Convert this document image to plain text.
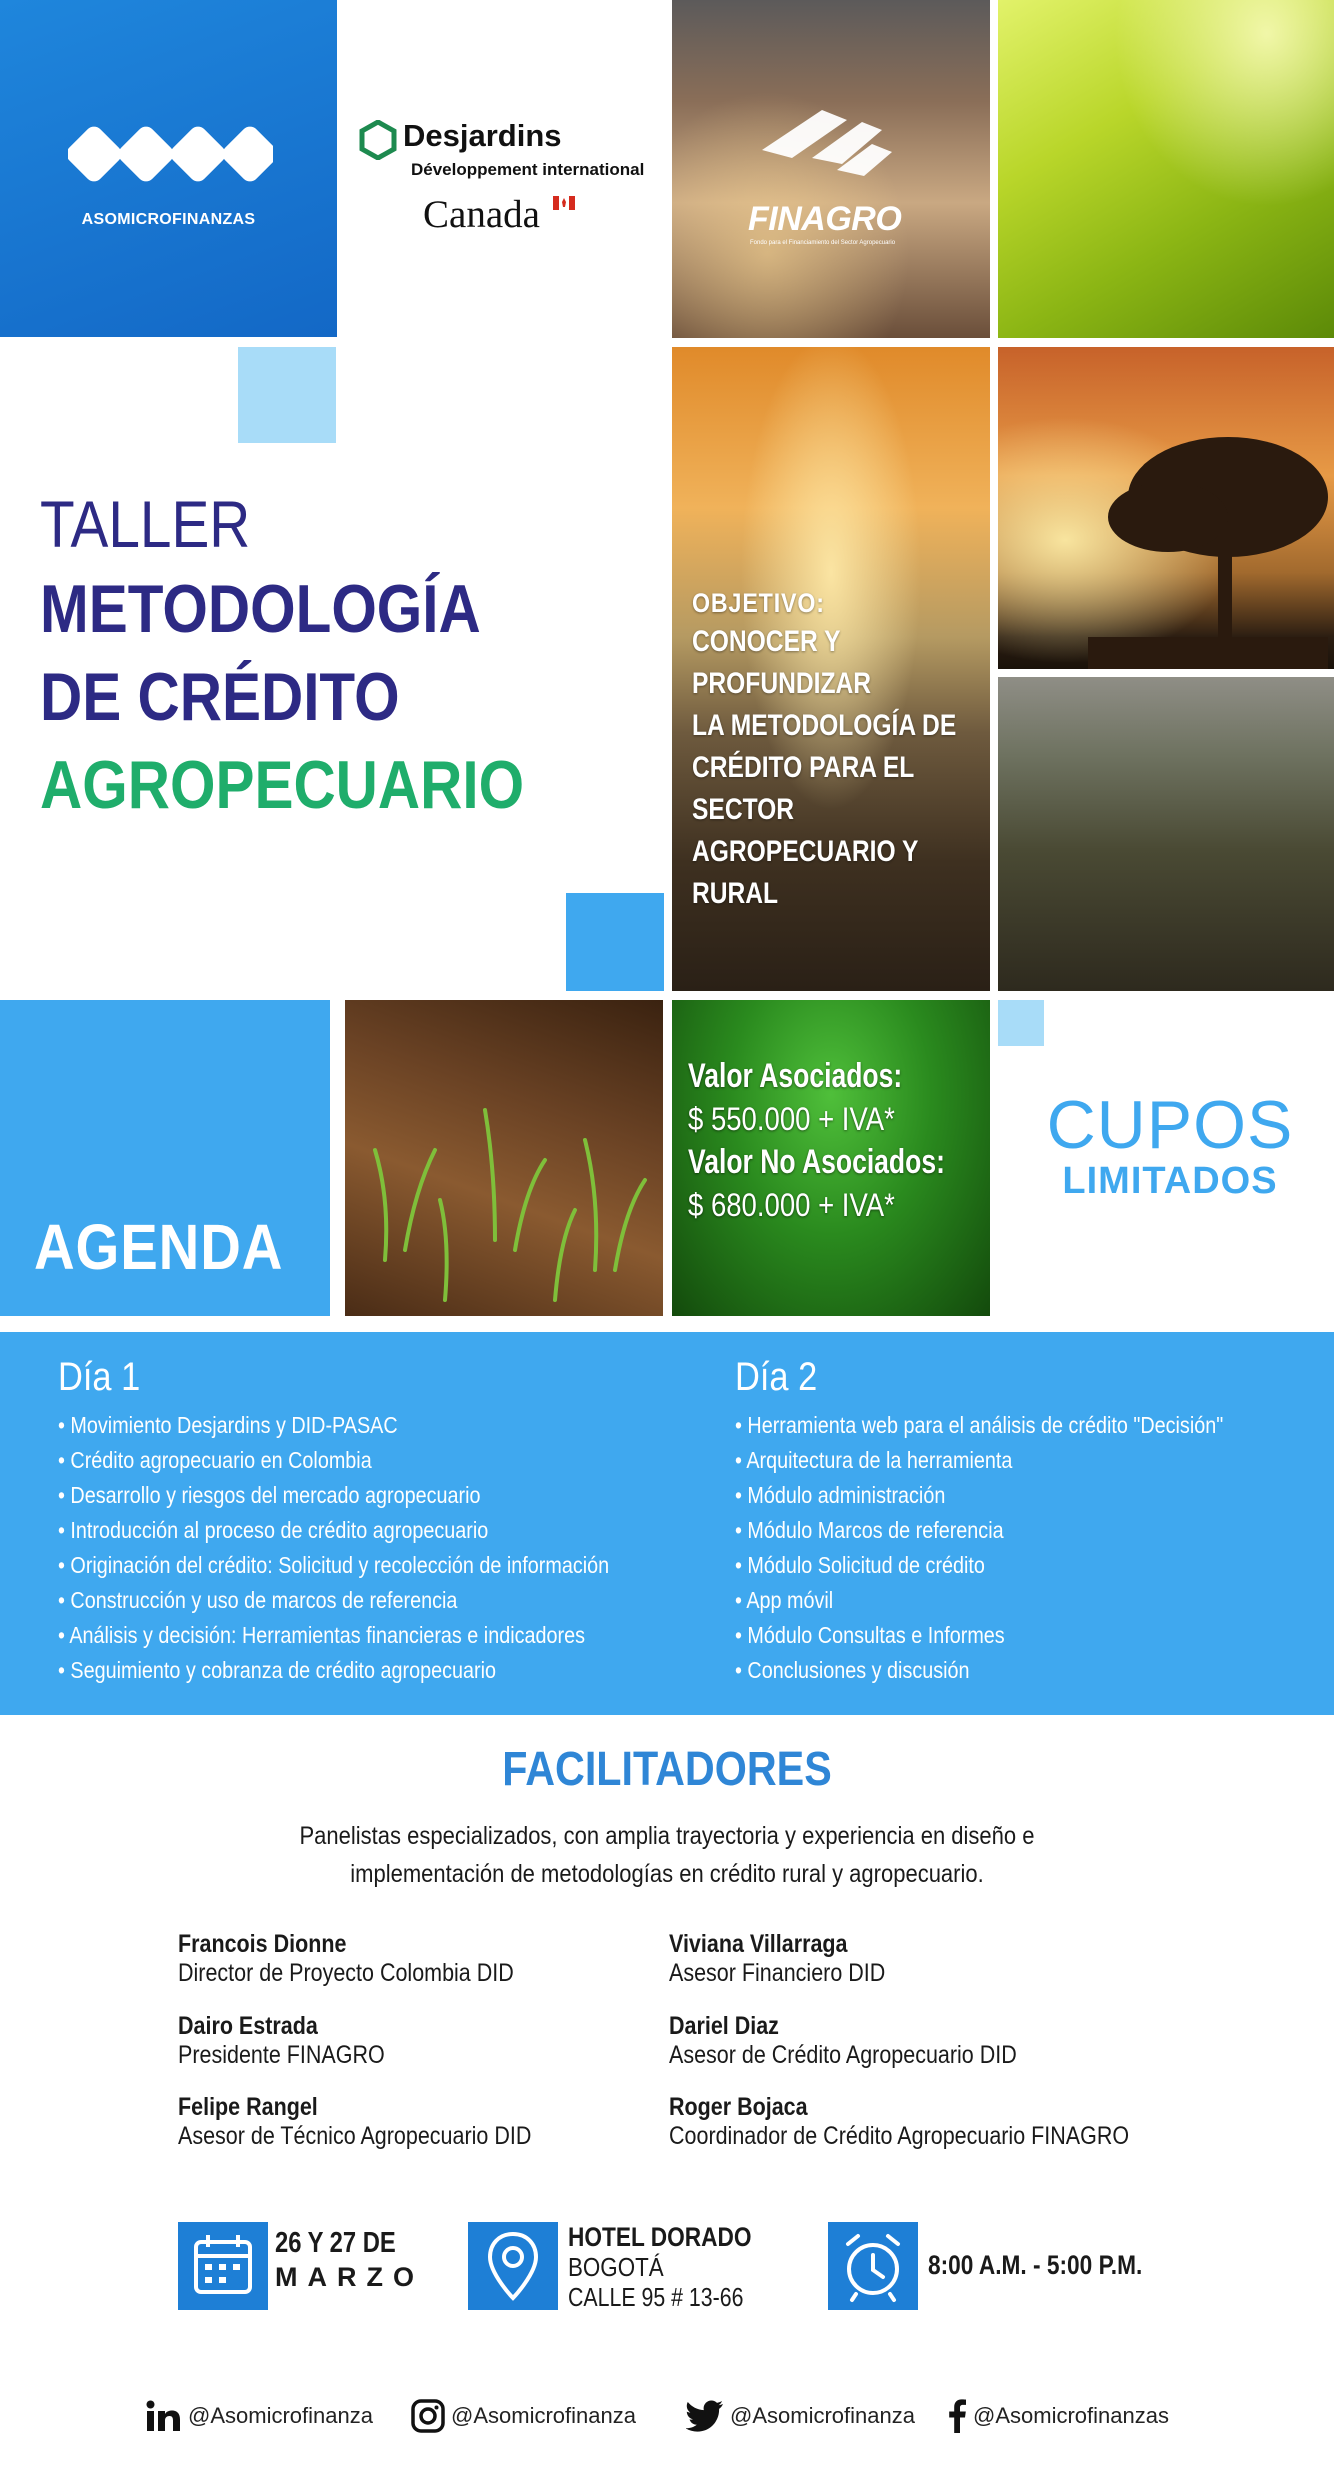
ASOMICROFINANZAS
Desjardins
Développement international
Canada	FINAGRO
Fondo para el Financiamiento del Sector Agropecuario
TALLER
METODOLOGÍA
DE CRÉDITO
AGROPECUARIO
OBJETIVO:
CONOCER Y
PROFUNDIZAR
LA METODOLOGÍA DE
CRÉDITO PARA EL
SECTOR
AGROPECUARIO Y
RURAL
AGENDA
Valor Asociados:
$ 550.000 + IVA*
Valor No Asociados:
$ 680.000 + IVA*
CUPOS
LIMITADOS
Día 1
• Movimiento Desjardins y DID-PASAC
• Crédito agropecuario en Colombia
• Desarrollo y riesgos del mercado agropecuario
• Introducción al proceso de crédito agropecuario
• Originación del crédito: Solicitud y recolección de información
• Construcción y uso de marcos de referencia
• Análisis y decisión: Herramientas financieras e indicadores
• Seguimiento y cobranza de crédito agropecuario
Día 2
• Herramienta web para el análisis de crédito "Decisión"
• Arquitectura de la herramienta
• Módulo administración
• Módulo Marcos de referencia
• Módulo Solicitud de crédito
• App móvil
• Módulo Consultas e Informes
• Conclusiones y discusión
FACILITADORES
Panelistas especializados, con amplia trayectoria y experiencia en diseño e
implementación de metodologías en crédito rural y agropecuario.
Francois Dionne
Director de Proyecto Colombia DID
Viviana Villarraga
Asesor Financiero DID
Dairo Estrada
Presidente FINAGRO
Dariel Diaz
Asesor de Crédito Agropecuario DID
Felipe Rangel
Asesor de Técnico Agropecuario DID
Roger Bojaca
Coordinador de Crédito Agropecuario FINAGRO
26 Y 27 DE
MARZO
HOTEL DORADO
BOGOTÁ
CALLE 95 # 13-66
8:00 A.M. - 5:00 P.M.
@Asomicrofinanza	@Asomicrofinanza	@Asomicrofinanza	@Asomicrofinanzas
